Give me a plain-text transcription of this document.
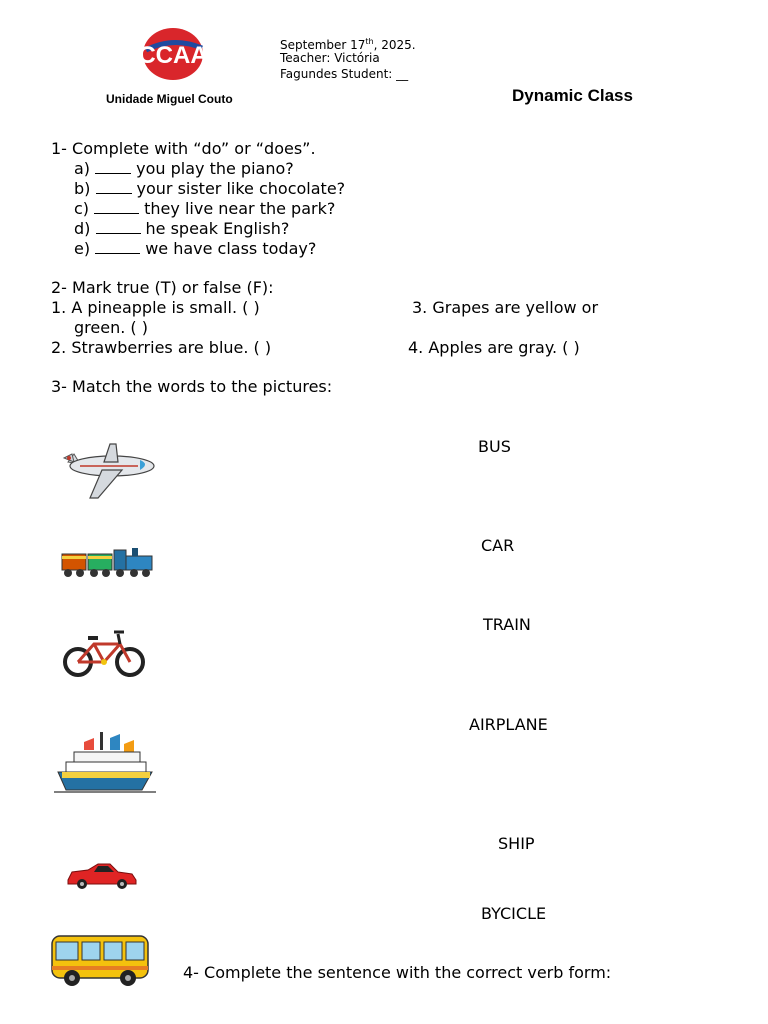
CCAA
Unidade Miguel Couto
September 17th, 2025.
Teacher: Victória
Fagundes Student: __
Dynamic Class
1- Complete with “do” or “does”.
a)	you play the piano?
b)	your sister like chocolate?
c)	they live near the park?
d)	he speak English?
e)	we have class today?
2- Mark true (T) or false (F):
1. A pineapple is small. ( )	3. Grapes are yellow or
green. ( )
2. Strawberries are blue. ( )	4. Apples are gray. ( )
3- Match the words to the pictures:
BUS
CAR
TRAIN
AIRPLANE
SHIP
BYCICLE
4- Complete the sentence with the correct verb form:
